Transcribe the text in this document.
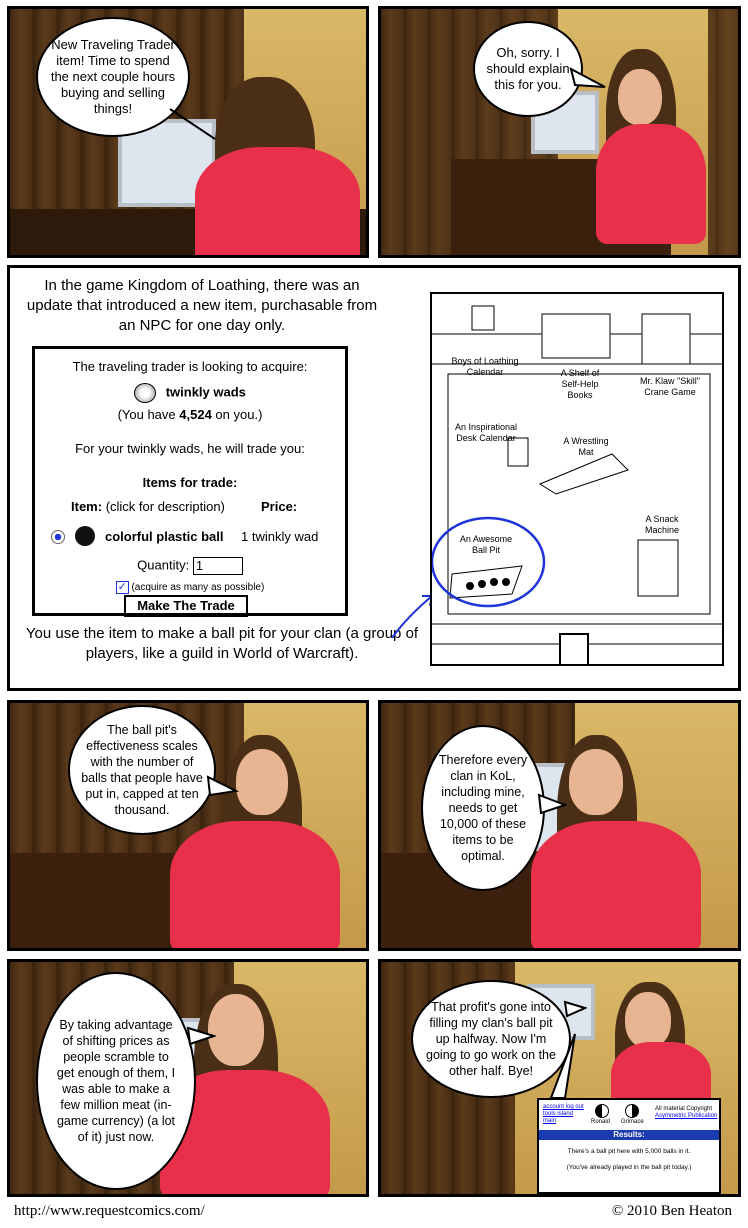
New Traveling Trader item! Time to spend the next couple hours buying and selling things!
Oh, sorry. I should explain this for you.
In the game Kingdom of Loathing, there was an update that introduced a new item, purchasable from an NPC for one day only.
The traveling trader is looking to acquire:
twinkly wads
(You have 4,524 on you.)
For your twinkly wads, he will trade you:
Items for trade:
Item: (click for description)	Price:
colorful plastic ball 1 twinkly wad
Quantity: 1
✓ (acquire as many as possible)
Make The Trade
You use the item to make a ball pit for your clan (a group of players, like a guild in World of Warcraft).
Boys of Loathing Calendar	A Shelf of Self-Help Books
Mr. Klaw "Skill" Crane Game
An Inspirational Desk Calendar	A Wrestling Mat
An Awesome Ball Pit
A Snack Machine
The ball pit's effectiveness scales with the number of balls that people have put in, capped at ten thousand.
Therefore every clan in KoL, including mine, needs to get 10,000 of these items to be optimal.
By taking advantage of shifting prices as people scramble to get enough of them, I was able to make a few million meat (in-game currency) (a lot of it) just now.
That profit's gone into filling my clan's ball pit up halfway. Now I'm going to go work on the other half. Bye!
account log out
tools island
main	Ronald Grimace
All material Copyright
Asymmetric Publication
Results:
There's a ball pit here with 5,000 balls in it.
(You've already played in the ball pit today.)
http://www.requestcomics.com/	© 2010 Ben Heaton
